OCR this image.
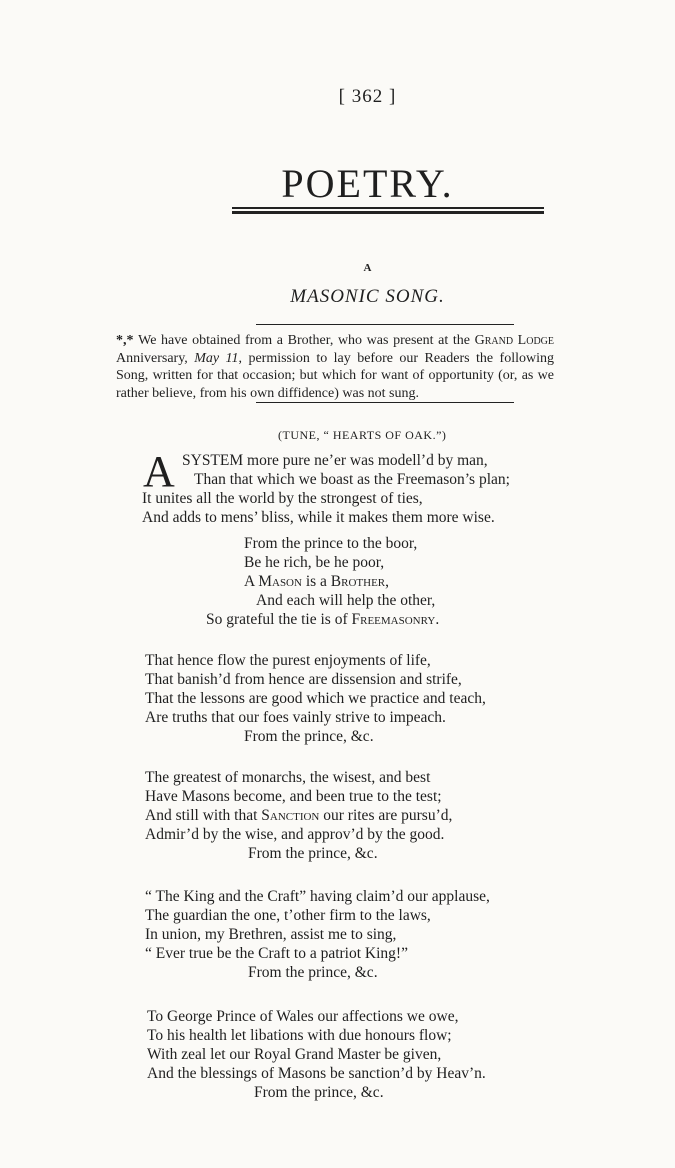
[ 362 ]
POETRY.
A
MASONIC SONG.
*,* We have obtained from a Brother, who was present at the Grand Lodge Anniversary, May 11, permission to lay before our Readers the following Song, written for that occasion; but which for want of opportunity (or, as we rather believe, from his own diffidence) was not sung.
(TUNE, “ HEARTS OF OAK.”)
A SYSTEM more pure ne’er was modell’d by man,
Than that which we boast as the Freemason’s plan;
It unites all the world by the strongest of ties,
And adds to mens’ bliss, while it makes them more wise.
From the prince to the boor,
Be he rich, be he poor,
A Mason is a Brother,
And each will help the other,
So grateful the tie is of Freemasonry.
That hence flow the purest enjoyments of life,
That banish’d from hence are dissension and strife,
That the lessons are good which we practice and teach,
Are truths that our foes vainly strive to impeach.
From the prince, &c.
The greatest of monarchs, the wisest, and best
Have Masons become, and been true to the test;
And still with that Sanction our rites are pursu’d,
Admir’d by the wise, and approv’d by the good.
From the prince, &c.
“ The King and the Craft” having claim’d our applause,
The guardian the one, t’other firm to the laws,
In union, my Brethren, assist me to sing,
“ Ever true be the Craft to a patriot King!”
From the prince, &c.
To George Prince of Wales our affections we owe,
To his health let libations with due honours flow;
With zeal let our Royal Grand Master be given,
And the blessings of Masons be sanction’d by Heav’n.
From the prince, &c.
